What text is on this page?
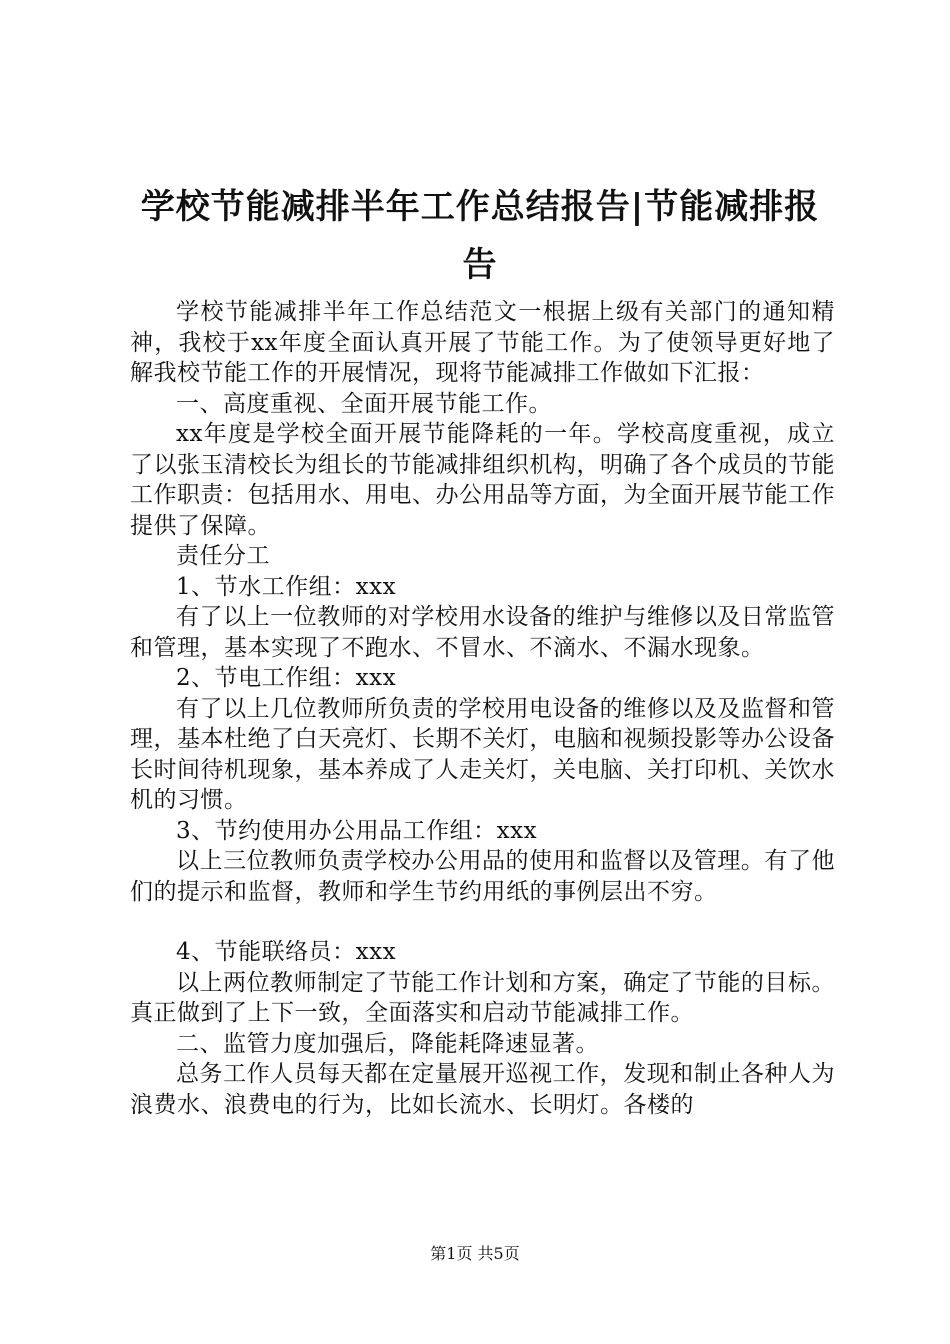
学校节能减排半年工作总结报告|节能减排报
告

学校节能减排半年工作总结范文一根据上级有关部门的通知精神，我校于xx年度全面认真开展了节能工作。为了使领导更好地了解我校节能工作的开展情况，现将节能减排工作做如下汇报：

一、高度重视、全面开展节能工作。

xx年度是学校全面开展节能降耗的一年。学校高度重视，成立了以张玉清校长为组长的节能减排组织机构，明确了各个成员的节能工作职责：包括用水、用电、办公用品等方面，为全面开展节能工作提供了保障。

责任分工

1、节水工作组：xxx

有了以上一位教师的对学校用水设备的维护与维修以及日常监管和管理，基本实现了不跑水、不冒水、不滴水、不漏水现象。

2、节电工作组：xxx

有了以上几位教师所负责的学校用电设备的维修以及及监督和管理，基本杜绝了白天亮灯、长期不关灯，电脑和视频投影等办公设备长时间待机现象，基本养成了人走关灯，关电脑、关打印机、关饮水机的习惯。

3、节约使用办公用品工作组：xxx

以上三位教师负责学校办公用品的使用和监督以及管理。有了他们的提示和监督，教师和学生节约用纸的事例层出不穷。

4、节能联络员：xxx

以上两位教师制定了节能工作计划和方案，确定了节能的目标。真正做到了上下一致，全面落实和启动节能减排工作。

二、监管力度加强后，降能耗降速显著。

总务工作人员每天都在定量展开巡视工作，发现和制止各种人为浪费水、浪费电的行为，比如长流水、长明灯。各楼的

第1页 共5页
